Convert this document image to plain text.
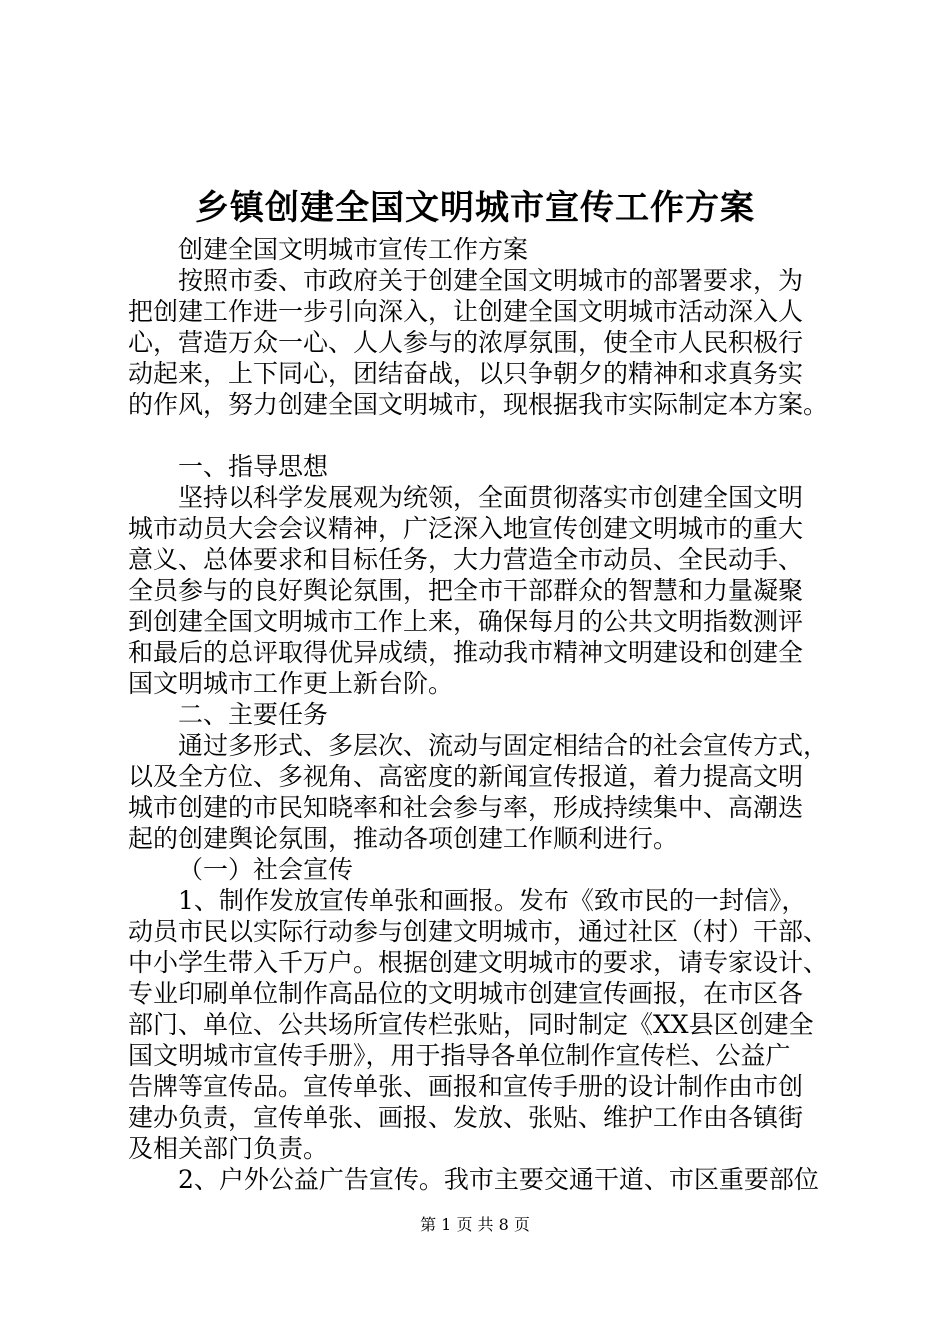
乡镇创建全国文明城市宣传工作方案
创建全国文明城市宣传工作方案
按照市委、市政府关于创建全国文明城市的部署要求，为
把创建工作进一步引向深入，让创建全国文明城市活动深入人
心，营造万众一心、人人参与的浓厚氛围，使全市人民积极行
动起来，上下同心，团结奋战，以只争朝夕的精神和求真务实
的作风，努力创建全国文明城市，现根据我市实际制定本方案。
一、指导思想
坚持以科学发展观为统领，全面贯彻落实市创建全国文明
城市动员大会会议精神，广泛深入地宣传创建文明城市的重大
意义、总体要求和目标任务，大力营造全市动员、全民动手、
全员参与的良好舆论氛围，把全市干部群众的智慧和力量凝聚
到创建全国文明城市工作上来，确保每月的公共文明指数测评
和最后的总评取得优异成绩，推动我市精神文明建设和创建全
国文明城市工作更上新台阶。
二、主要任务
通过多形式、多层次、流动与固定相结合的社会宣传方式，
以及全方位、多视角、高密度的新闻宣传报道，着力提高文明
城市创建的市民知晓率和社会参与率，形成持续集中、高潮迭
起的创建舆论氛围，推动各项创建工作顺利进行。
（一）社会宣传
1、制作发放宣传单张和画报。发布《致市民的一封信》，
动员市民以实际行动参与创建文明城市，通过社区（村）干部、
中小学生带入千万户。根据创建文明城市的要求，请专家设计、
专业印刷单位制作高品位的文明城市创建宣传画报，在市区各
部门、单位、公共场所宣传栏张贴，同时制定《XX县区创建全
国文明城市宣传手册》，用于指导各单位制作宣传栏、公益广
告牌等宣传品。宣传单张、画报和宣传手册的设计制作由市创
建办负责，宣传单张、画报、发放、张贴、维护工作由各镇街
及相关部门负责。
2、户外公益广告宣传。我市主要交通干道、市区重要部位
第 1 页 共 8 页
